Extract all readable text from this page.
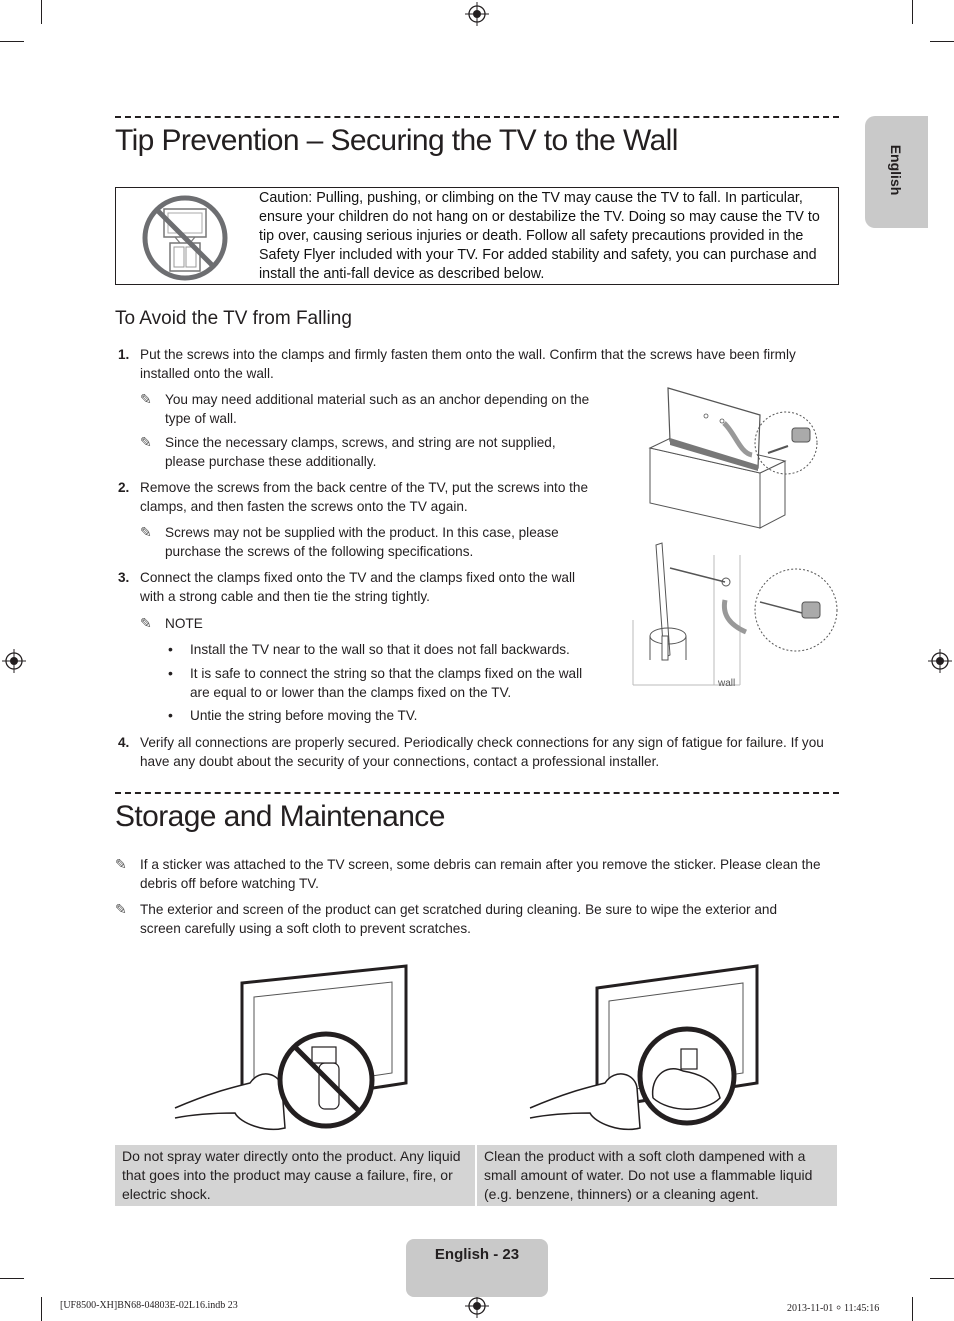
English
Tip Prevention – Securing the TV to the Wall
Caution: Pulling, pushing, or climbing on the TV may cause the TV to fall. In particular, ensure your children do not hang on or destabilize the TV. Doing so may cause the TV to tip over, causing serious injuries or death. Follow all safety precautions provided in the Safety Flyer included with your TV. For added stability and safety, you can purchase and install the anti-fall device as described below.
To Avoid the TV from Falling
1. Put the screws into the clamps and firmly fasten them onto the wall. Confirm that the screws have been firmly
installed onto the wall.
✎ You may need additional material such as an anchor depending on the
type of wall.
✎ Since the necessary clamps, screws, and string are not supplied,
please purchase these additionally.
2. Remove the screws from the back centre of the TV, put the screws into the
clamps, and then fasten the screws onto the TV again.
✎ Screws may not be supplied with the product. In this case, please
purchase the screws of the following specifications.
3. Connect the clamps fixed onto the TV and the clamps fixed onto the wall
with a strong cable and then tie the string tightly.
✎ NOTE
• Install the TV near to the wall so that it does not fall backwards.
• It is safe to connect the string so that the clamps fixed on the wall
are equal to or lower than the clamps fixed on the TV.
• Untie the string before moving the TV.
4. Verify all connections are properly secured. Periodically check connections for any sign of fatigue for failure. If you
have any doubt about the security of your connections, contact a professional installer.
wall
Storage and Maintenance
✎ If a sticker was attached to the TV screen, some debris can remain after you remove the sticker. Please clean the
debris off before watching TV.
✎ The exterior and screen of the product can get scratched during cleaning. Be sure to wipe the exterior and
screen carefully using a soft cloth to prevent scratches.
Do not spray water directly onto the product. Any liquid
that goes into the product may cause a failure, fire, or
electric shock.
Clean the product with a soft cloth dampened with a
small amount of water. Do not use a flammable liquid
(e.g. benzene, thinners) or a cleaning agent.
English - 23
[UF8500-XH]BN68-04803E-02L16.indb 23	2013-11-01 ⸰ 11:45:16
